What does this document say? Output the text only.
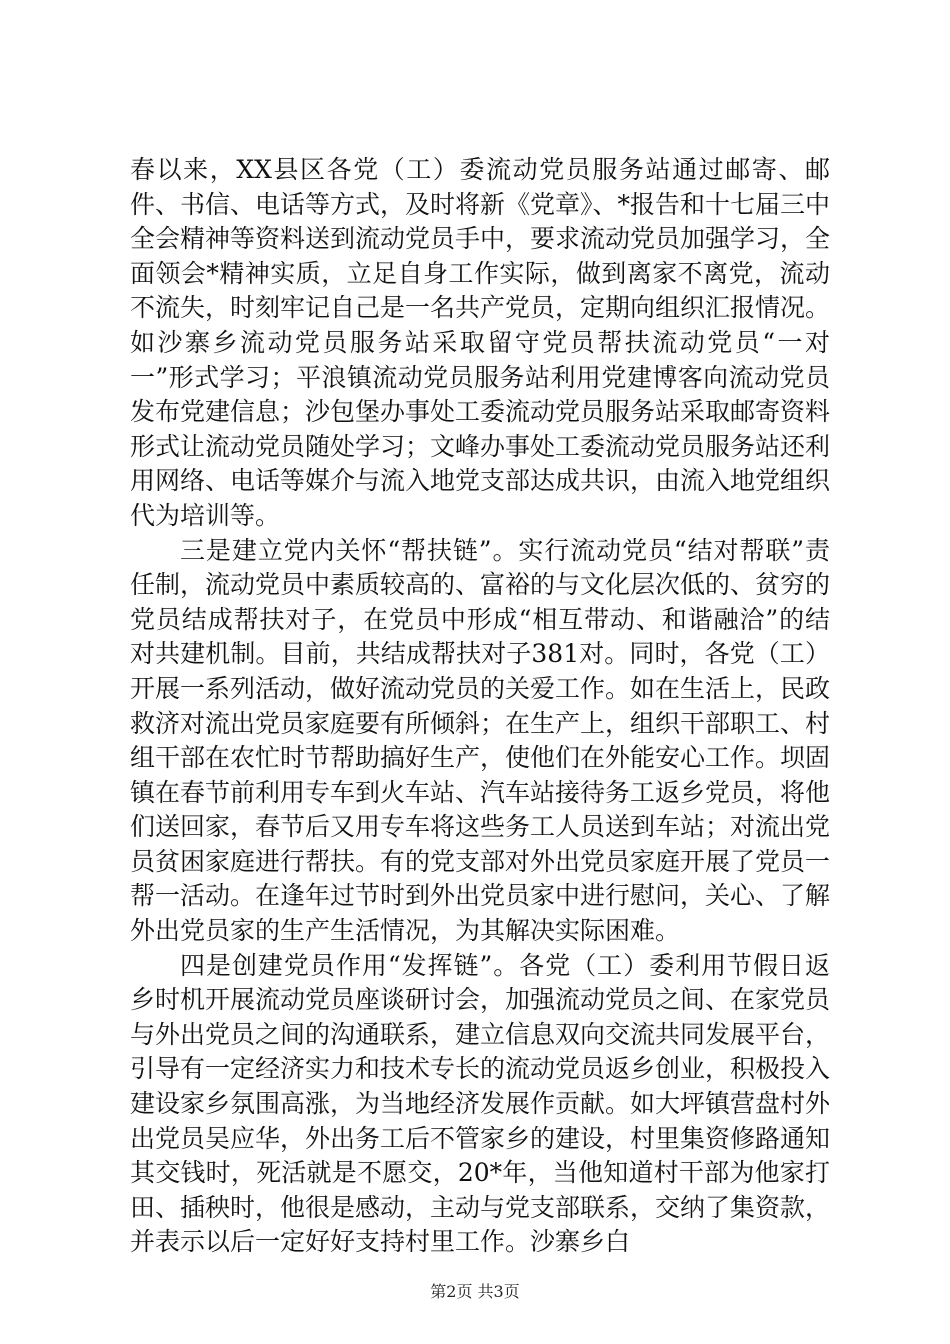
春以来，XX县区各党（工）委流动党员服务站通过邮寄、邮件、书信、电话等方式，及时将新《党章》、*报告和十七届三中全会精神等资料送到流动党员手中，要求流动党员加强学习，全面领会*精神实质，立足自身工作实际，做到离家不离党，流动不流失，时刻牢记自己是一名共产党员，定期向组织汇报情况。如沙寨乡流动党员服务站采取留守党员帮扶流动党员“一对一”形式学习；平浪镇流动党员服务站利用党建博客向流动党员发布党建信息；沙包堡办事处工委流动党员服务站采取邮寄资料形式让流动党员随处学习；文峰办事处工委流动党员服务站还利用网络、电话等媒介与流入地党支部达成共识，由流入地党组织代为培训等。

三是建立党内关怀“帮扶链”。实行流动党员“结对帮联”责任制，流动党员中素质较高的、富裕的与文化层次低的、贫穷的党员结成帮扶对子，在党员中形成“相互带动、和谐融洽”的结对共建机制。目前，共结成帮扶对子381对。同时，各党（工）开展一系列活动，做好流动党员的关爱工作。如在生活上，民政救济对流出党员家庭要有所倾斜；在生产上，组织干部职工、村组干部在农忙时节帮助搞好生产，使他们在外能安心工作。坝固镇在春节前利用专车到火车站、汽车站接待务工返乡党员，将他们送回家，春节后又用专车将这些务工人员送到车站；对流出党员贫困家庭进行帮扶。有的党支部对外出党员家庭开展了党员一帮一活动。在逢年过节时到外出党员家中进行慰问，关心、了解外出党员家的生产生活情况，为其解决实际困难。

四是创建党员作用“发挥链”。各党（工）委利用节假日返乡时机开展流动党员座谈研讨会，加强流动党员之间、在家党员与外出党员之间的沟通联系，建立信息双向交流共同发展平台，引导有一定经济实力和技术专长的流动党员返乡创业，积极投入建设家乡氛围高涨，为当地经济发展作贡献。如大坪镇营盘村外出党员吴应华，外出务工后不管家乡的建设，村里集资修路通知其交钱时，死活就是不愿交，20*年，当他知道村干部为他家打田、插秧时，他很是感动，主动与党支部联系，交纳了集资款，并表示以后一定好好支持村里工作。沙寨乡白

第2页 共3页
